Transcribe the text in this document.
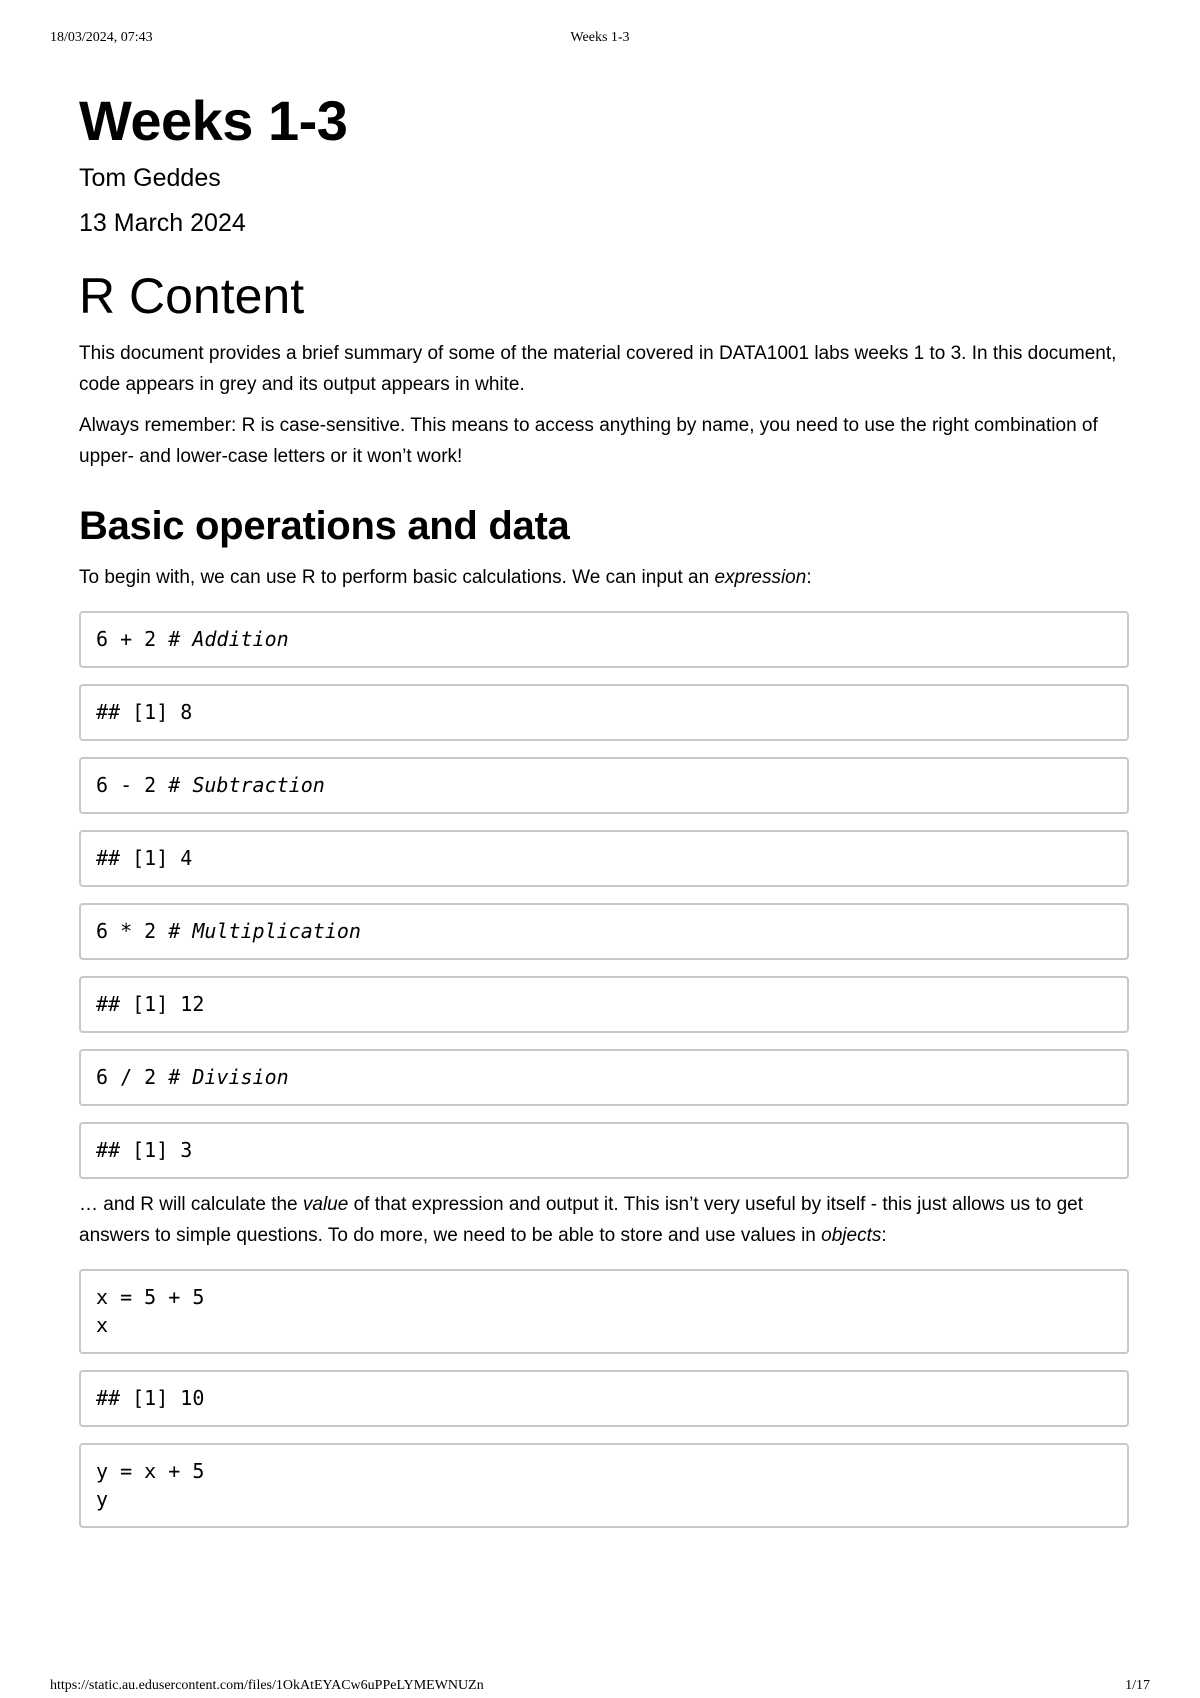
18/03/2024, 07:43	Weeks 1-3
Weeks 1-3
Tom Geddes
13 March 2024
R Content

This document provides a brief summary of some of the material covered in DATA1001 labs weeks 1 to 3. In this document, code appears in grey and its output appears in white.

Always remember: R is case-sensitive. This means to access anything by name, you need to use the right combination of upper- and lower-case letters or it won’t work!

Basic operations and data

To begin with, we can use R to perform basic calculations. We can input an expression:

6 + 2 # Addition
## [1] 8
6 - 2 # Subtraction
## [1] 4
6 * 2 # Multiplication
## [1] 12
6 / 2 # Division
## [1] 3

… and R will calculate the value of that expression and output it. This isn’t very useful by itself - this just allows us to get answers to simple questions. To do more, we need to be able to store and use values in objects:

x = 5 + 5
x
## [1] 10
y = x + 5
y
https://static.au.edusercontent.com/files/1OkAtEYACw6uPPeLYMEWNUZn	1/17
